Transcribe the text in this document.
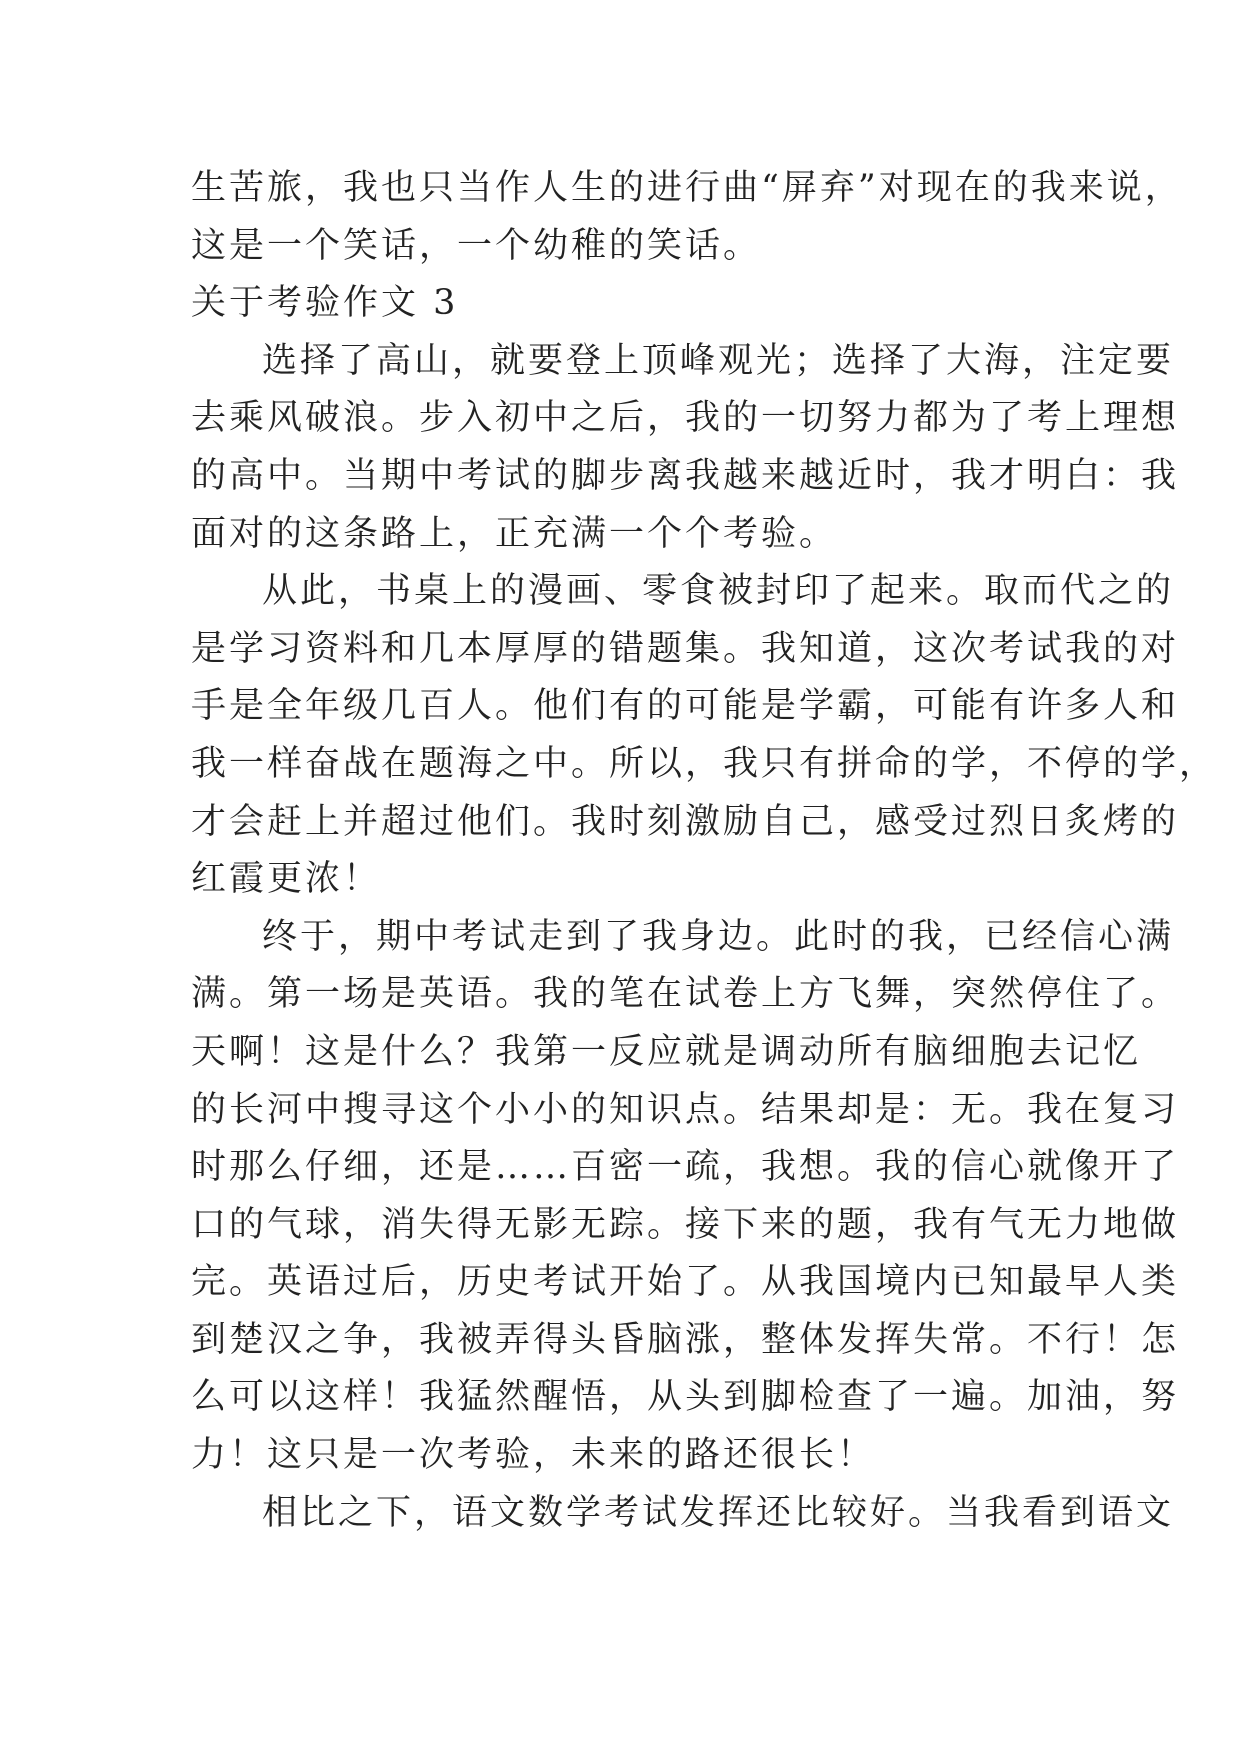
生苦旅，我也只当作人生的进行曲“屏弃”对现在的我来说，
这是一个笑话，一个幼稚的笑话。
关于考验作文 3
选择了高山，就要登上顶峰观光；选择了大海，注定要
去乘风破浪。步入初中之后，我的一切努力都为了考上理想
的高中。当期中考试的脚步离我越来越近时，我才明白：我
面对的这条路上，正充满一个个考验。
从此，书桌上的漫画、零食被封印了起来。取而代之的
是学习资料和几本厚厚的错题集。我知道，这次考试我的对
手是全年级几百人。他们有的可能是学霸，可能有许多人和
我一样奋战在题海之中。所以，我只有拼命的学，不停的学，
才会赶上并超过他们。我时刻激励自己，感受过烈日炙烤的
红霞更浓！
终于，期中考试走到了我身边。此时的我，已经信心满
满。第一场是英语。我的笔在试卷上方飞舞，突然停住了。
天啊！这是什么？我第一反应就是调动所有脑细胞去记忆
的长河中搜寻这个小小的知识点。结果却是：无。我在复习
时那么仔细，还是……百密一疏，我想。我的信心就像开了
口的气球，消失得无影无踪。接下来的题，我有气无力地做
完。英语过后，历史考试开始了。从我国境内已知最早人类
到楚汉之争，我被弄得头昏脑涨，整体发挥失常。不行！怎
么可以这样！我猛然醒悟，从头到脚检查了一遍。加油，努
力！这只是一次考验，未来的路还很长！
相比之下，语文数学考试发挥还比较好。当我看到语文
